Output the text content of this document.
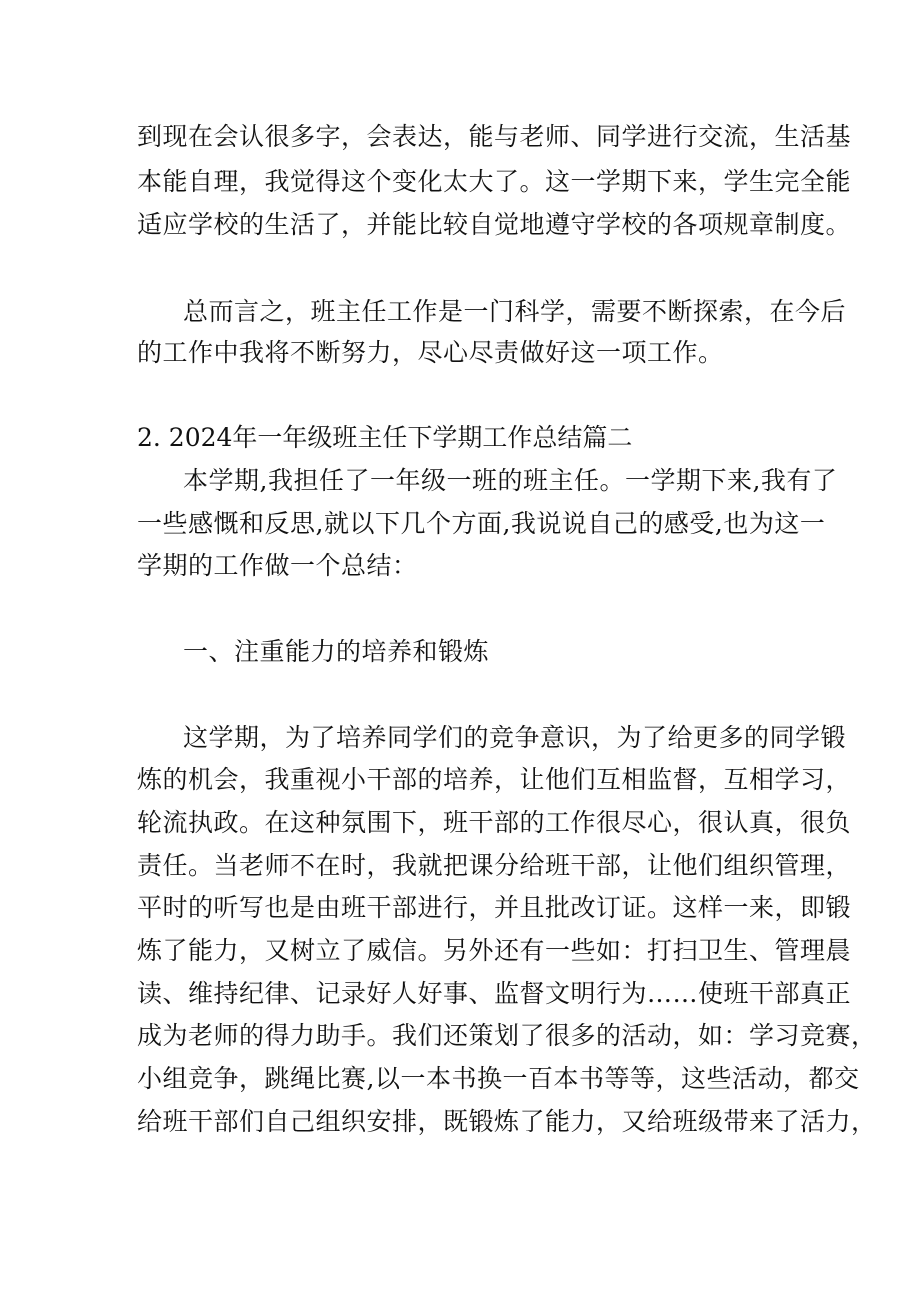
到现在会认很多字，会表达，能与老师、同学进行交流，生活基
本能自理，我觉得这个变化太大了。这一学期下来，学生完全能
适应学校的生活了，并能比较自觉地遵守学校的各项规章制度。
总而言之，班主任工作是一门科学，需要不断探索，在今后
的工作中我将不断努力，尽心尽责做好这一项工作。
2. 2024年一年级班主任下学期工作总结篇二
本学期,我担任了一年级一班的班主任。一学期下来,我有了
一些感慨和反思,就以下几个方面,我说说自己的感受,也为这一
学期的工作做一个总结：
一、注重能力的培养和锻炼
这学期，为了培养同学们的竞争意识，为了给更多的同学锻
炼的机会，我重视小干部的培养，让他们互相监督，互相学习，
轮流执政。在这种氛围下，班干部的工作很尽心，很认真，很负
责任。当老师不在时，我就把课分给班干部，让他们组织管理，
平时的听写也是由班干部进行，并且批改订证。这样一来，即锻
炼了能力，又树立了威信。另外还有一些如：打扫卫生、管理晨
读、维持纪律、记录好人好事、监督文明行为……使班干部真正
成为老师的得力助手。我们还策划了很多的活动，如：学习竞赛，
小组竞争，跳绳比赛,以一本书换一百本书等等，这些活动，都交
给班干部们自己组织安排，既锻炼了能力，又给班级带来了活力，
